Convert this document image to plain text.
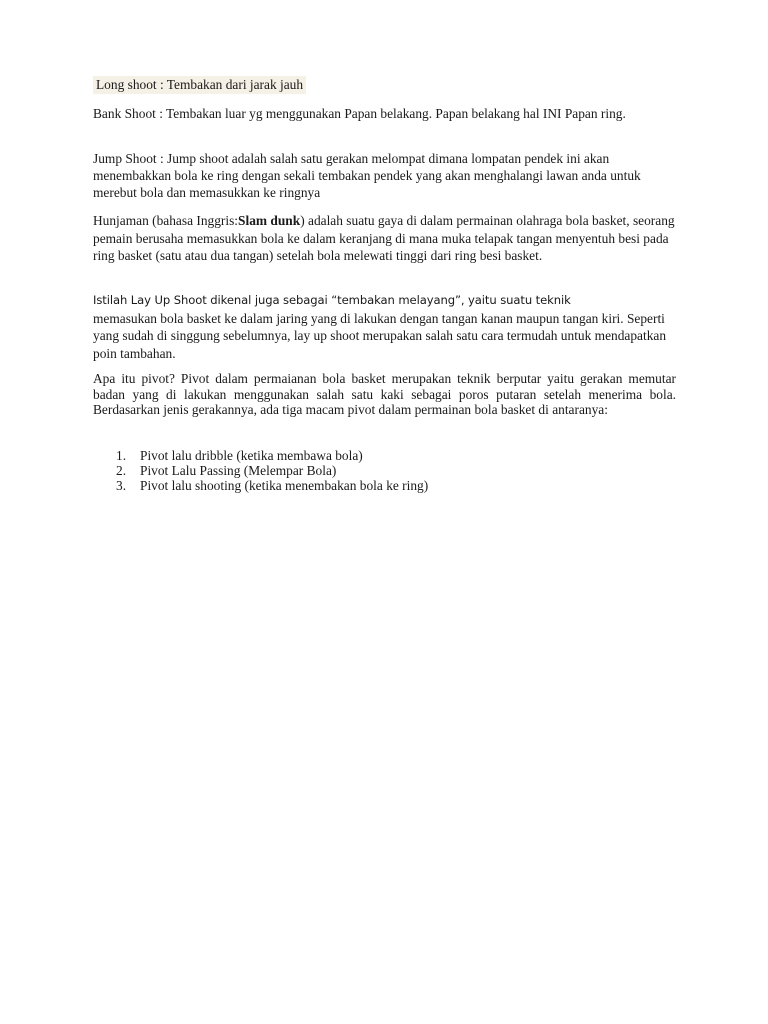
Long shoot : Tembakan dari jarak jauh

Bank Shoot : Tembakan luar yg menggunakan Papan belakang. Papan belakang hal INI Papan ring.

Jump Shoot : Jump shoot adalah salah satu gerakan melompat dimana lompatan pendek ini akan menembakkan bola ke ring dengan sekali tembakan pendek yang akan menghalangi lawan anda untuk merebut bola dan memasukkan ke ringnya

Hunjaman (bahasa Inggris:Slam dunk) adalah suatu gaya di dalam permainan olahraga bola basket, seorang pemain berusaha memasukkan bola ke dalam keranjang di mana muka telapak tangan menyentuh besi pada ring basket (satu atau dua tangan) setelah bola melewati tinggi dari ring besi basket.

Istilah Lay Up Shoot dikenal juga sebagai “tembakan melayang”, yaitu suatu teknik
memasukan bola basket ke dalam jaring yang di lakukan dengan tangan kanan maupun tangan kiri. Seperti yang sudah di singgung sebelumnya, lay up shoot merupakan salah satu cara termudah untuk mendapatkan poin tambahan.

Apa itu pivot? Pivot dalam permaianan bola basket merupakan teknik berputar yaitu gerakan memutar badan yang di lakukan menggunakan salah satu kaki sebagai poros putaran setelah menerima bola. Berdasarkan jenis gerakannya, ada tiga macam pivot dalam permainan bola basket di antaranya:

1.	Pivot lalu dribble (ketika membawa bola)
2.	Pivot Lalu Passing (Melempar Bola)
3.	Pivot lalu shooting (ketika menembakan bola ke ring)
